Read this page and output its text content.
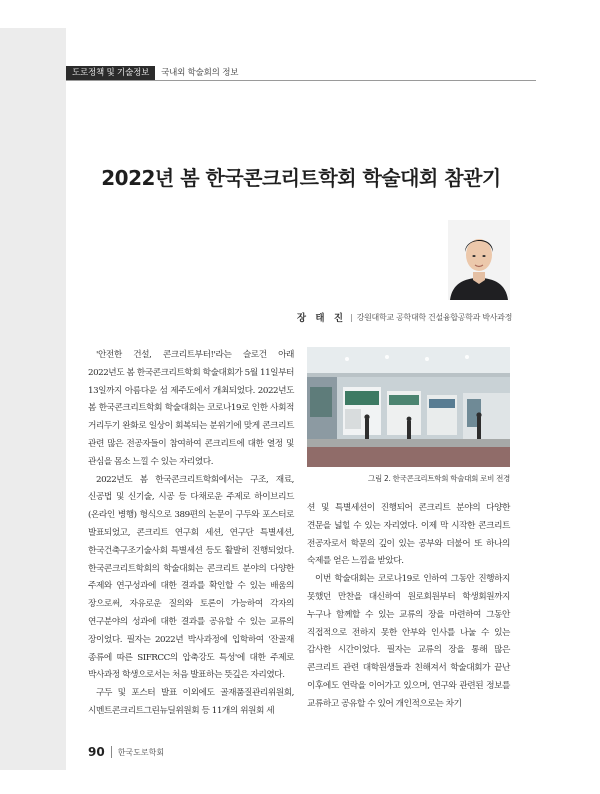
도로정책 및 기술정보	국내외 학술회의 정보
2022년 봄 한국콘크리트학회 학술대회 참관기
장 태 진 | 강원대학교 공학대학 건설융합공학과 박사과정

'안전한 건설, 콘크리트부터!'라는 슬로건 아래 2022년도 봄 한국콘크리트학회 학술대회가 5월 11일부터 13일까지 아름다운 섬 제주도에서 개최되었다. 2022년도 봄 한국콘크리트학회 학술대회는 코로나19로 인한 사회적 거리두기 완화로 일상이 회복되는 분위기에 맞게 콘크리트 관련 많은 전공자들이 참여하여 콘크리트에 대한 열정 및 관심을 몸소 느낄 수 있는 자리였다.

2022년도 봄 한국콘크리트학회에서는 구조, 재료, 신공법 및 신기술, 시공 등 다채로운 주제로 하이브리드(온라인 병행) 형식으로 389편의 논문이 구두와 포스터로 발표되었고, 콘크리트 연구회 세션, 연구단 특별세션, 한국건축구조기술사회 특별세션 등도 활발히 진행되었다. 한국콘크리트학회의 학술대회는 콘크리트 분야의 다양한 주제와 연구성과에 대한 결과를 확인할 수 있는 배움의 장으로써, 자유로운 질의와 토론이 가능하여 각자의 연구분야의 성과에 대한 결과를 공유할 수 있는 교류의 장이었다. 필자는 2022년 박사과정에 입학하여 '잔골재 종류에 따른 SIFRCC의 압축강도 특성'에 대한 주제로 박사과정 학생으로서는 처음 발표하는 뜻깊은 자리였다.

구두 및 포스터 발표 이외에도 골재품질관리위원회, 시멘트콘크리트그린뉴딜위원회 등 11개의 위원회 세

그림 2. 한국콘크리트학회 학술대회 로비 전경

션 및 특별세션이 진행되어 콘크리트 분야의 다양한 견문을 넓힐 수 있는 자리였다. 이제 막 시작한 콘크리트 전공자로서 학문의 깊이 있는 공부와 더불어 또 하나의 숙제를 얻은 느낌을 받았다.

이번 학술대회는 코로나19로 인하여 그동안 진행하지 못했던 만찬을 대신하여 원로회원부터 학생회원까지 누구나 함께할 수 있는 교류의 장을 마련하여 그동안 직접적으로 전하지 못한 안부와 인사를 나눌 수 있는 감사한 시간이었다. 필자는 교류의 장을 통해 많은 콘크리트 관련 대학원생들과 친해져서 학술대회가 끝난 이후에도 연락을 이어가고 있으며, 연구와 관련된 정보를 교류하고 공유할 수 있어 개인적으로는 차기

90 한국도로학회
